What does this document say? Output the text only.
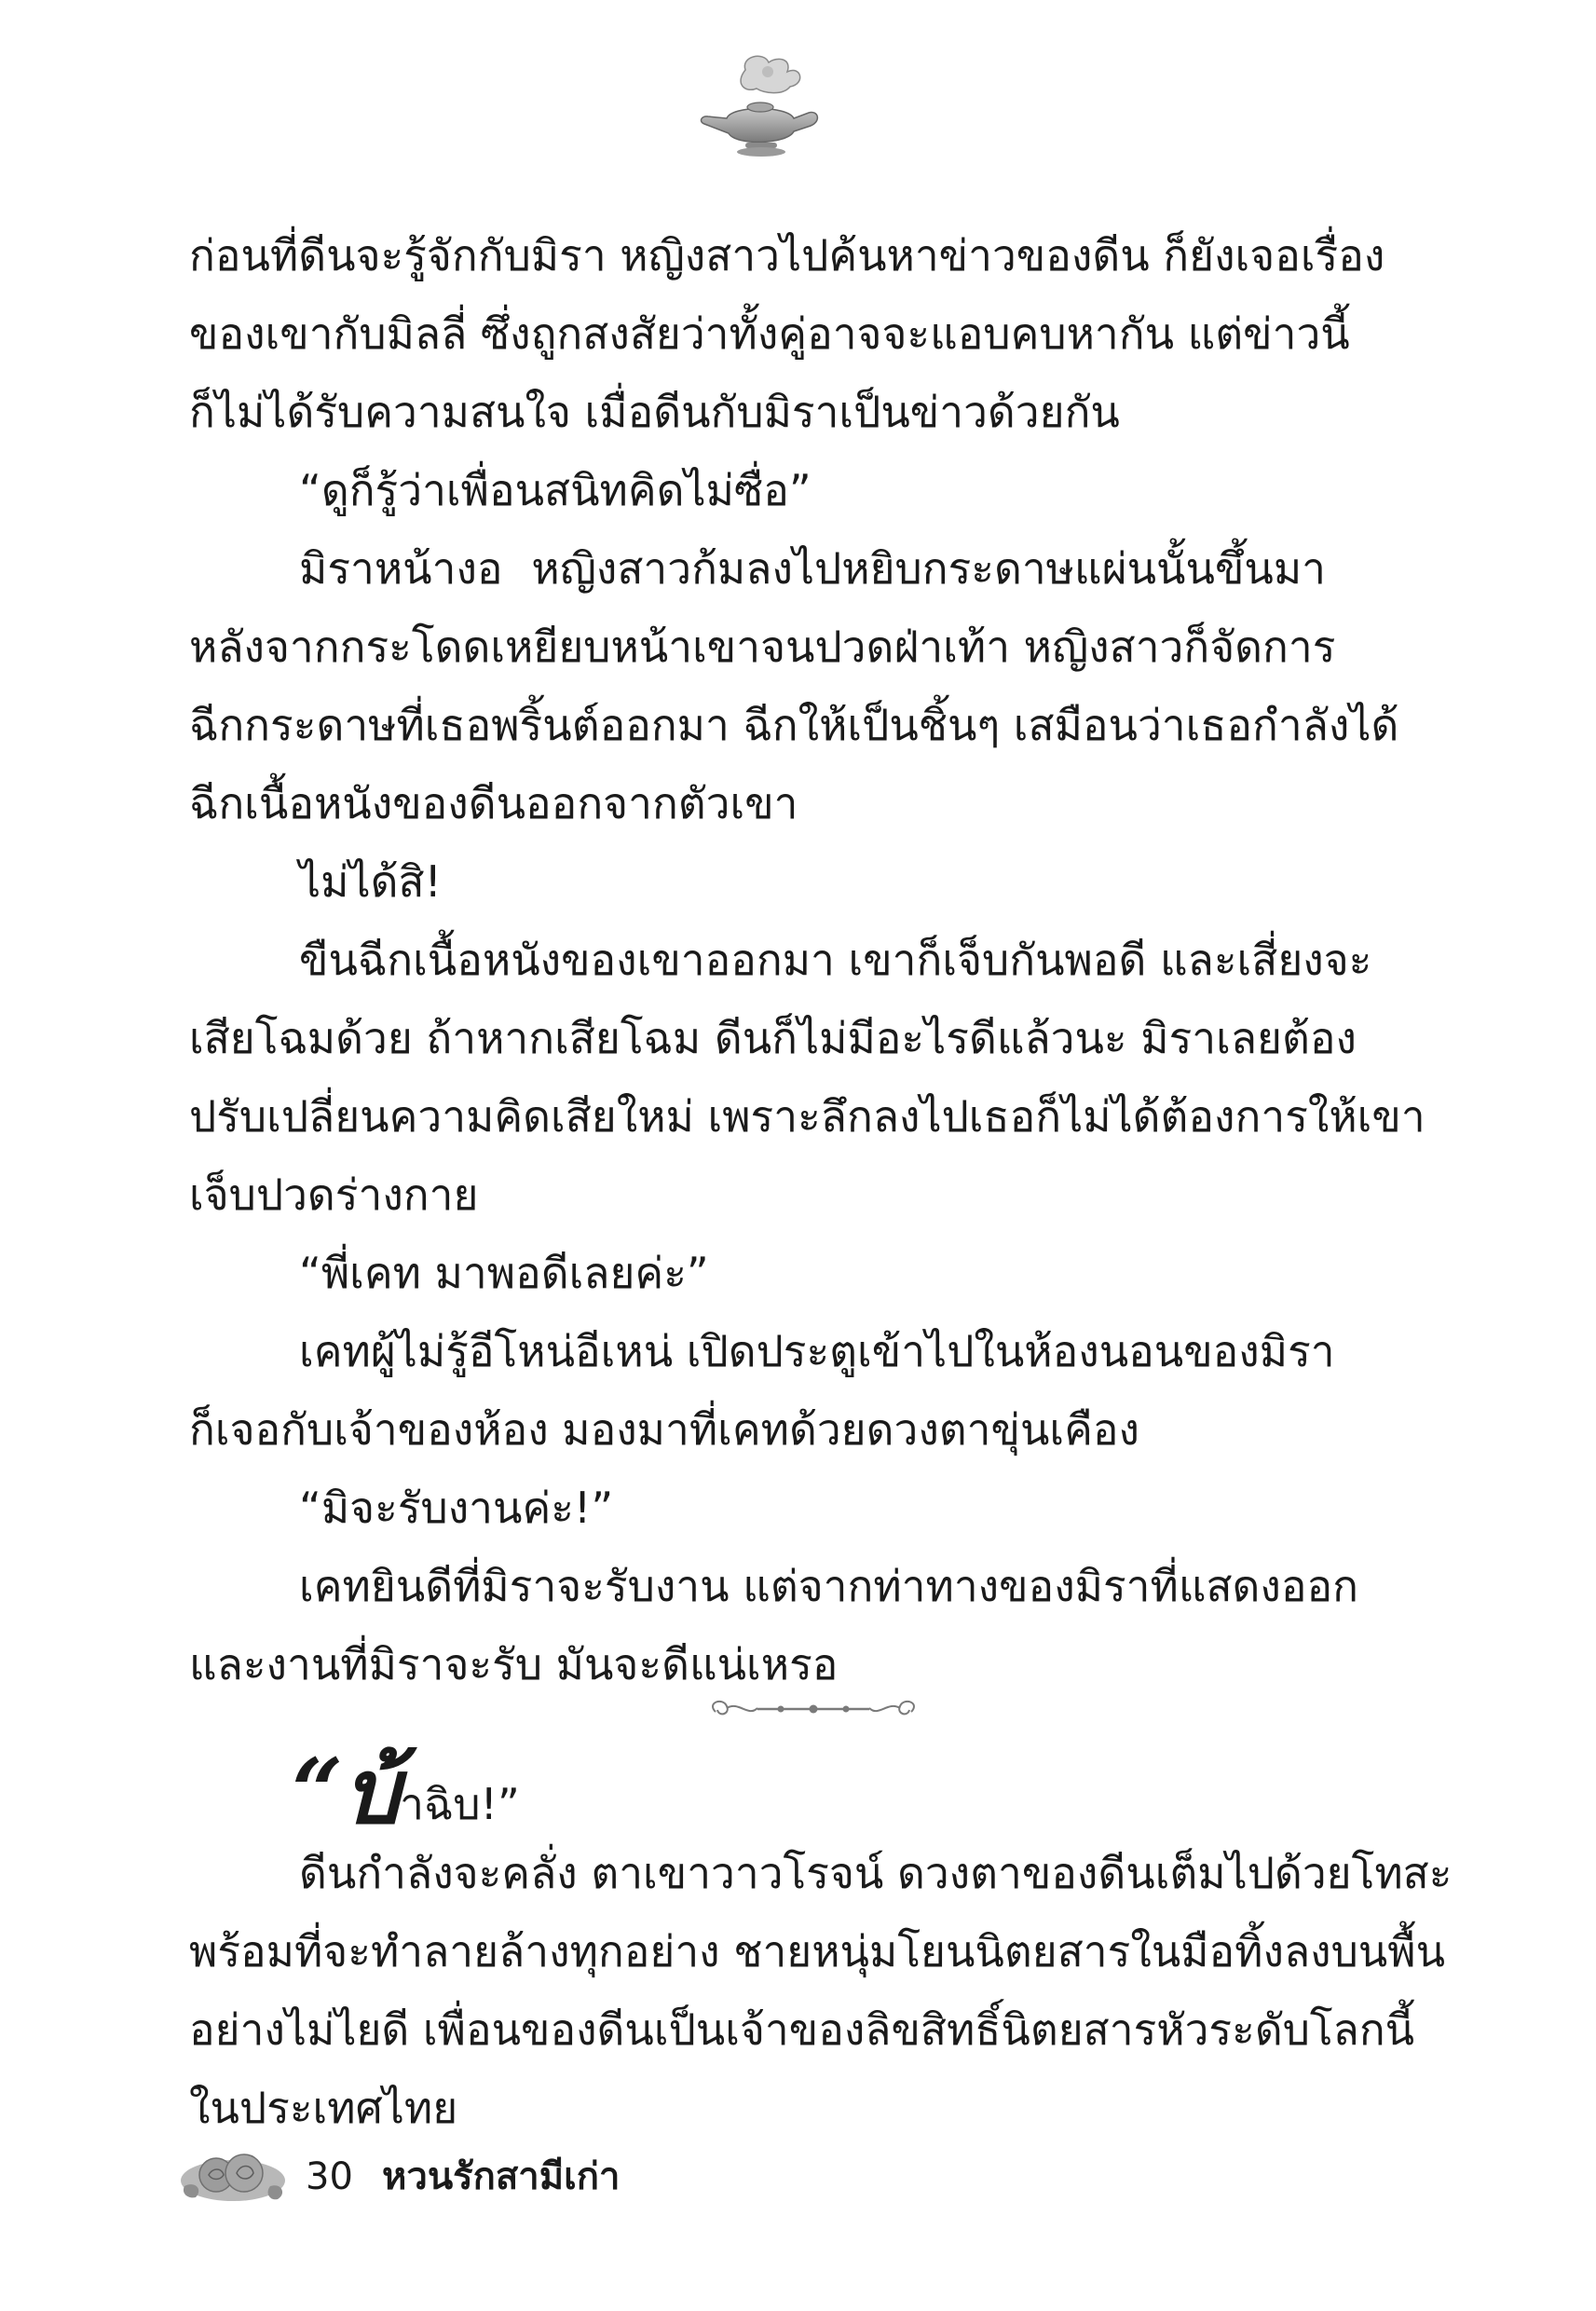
ก่อนที่ดีนจะรู้จักกับมิรา หญิงสาวไปค้นหาข่าวของดีน ก็ยังเจอเรื่อง
ของเขากับมิลลี่ ซึ่งถูกสงสัยว่าทั้งคู่อาจจะแอบคบหากัน แต่ข่าวนี้
ก็ไม่ได้รับความสนใจ เมื่อดีนกับมิราเป็นข่าวด้วยกัน
“ดูก็รู้ว่าเพื่อนสนิทคิดไม่ซื่อ”
มิราหน้างอ หญิงสาวก้มลงไปหยิบกระดาษแผ่นนั้นขึ้นมา
หลังจากกระโดดเหยียบหน้าเขาจนปวดฝ่าเท้า หญิงสาวก็จัดการ
ฉีกกระดาษที่เธอพริ้นต์ออกมา ฉีกให้เป็นชิ้นๆ เสมือนว่าเธอกำลังได้
ฉีกเนื้อหนังของดีนออกจากตัวเขา
ไม่ได้สิ!
ขืนฉีกเนื้อหนังของเขาออกมา เขาก็เจ็บกันพอดี และเสี่ยงจะ
เสียโฉมด้วย ถ้าหากเสียโฉม ดีนก็ไม่มีอะไรดีแล้วนะ มิราเลยต้อง
ปรับเปลี่ยนความคิดเสียใหม่ เพราะลึกลงไปเธอก็ไม่ได้ต้องการให้เขา
เจ็บปวดร่างกาย
“พี่เคท มาพอดีเลยค่ะ”
เคทผู้ไม่รู้อีโหน่อีเหน่ เปิดประตูเข้าไปในห้องนอนของมิรา
ก็เจอกับเจ้าของห้อง มองมาที่เคทด้วยดวงตาขุ่นเคือง
“มิจะรับงานค่ะ!”
เคทยินดีที่มิราจะรับงาน แต่จากท่าทางของมิราที่แสดงออก
และงานที่มิราจะรับ มันจะดีแน่เหรอ
“บ้าฉิบ!”
ดีนกำลังจะคลั่ง ตาเขาวาวโรจน์ ดวงตาของดีนเต็มไปด้วยโทสะ
พร้อมที่จะทำลายล้างทุกอย่าง ชายหนุ่มโยนนิตยสารในมือทิ้งลงบนพื้น
อย่างไม่ไยดี เพื่อนของดีนเป็นเจ้าของลิขสิทธิ์นิตยสารหัวระดับโลกนี้
ในประเทศไทย
30 หวนรักสามีเก่า
